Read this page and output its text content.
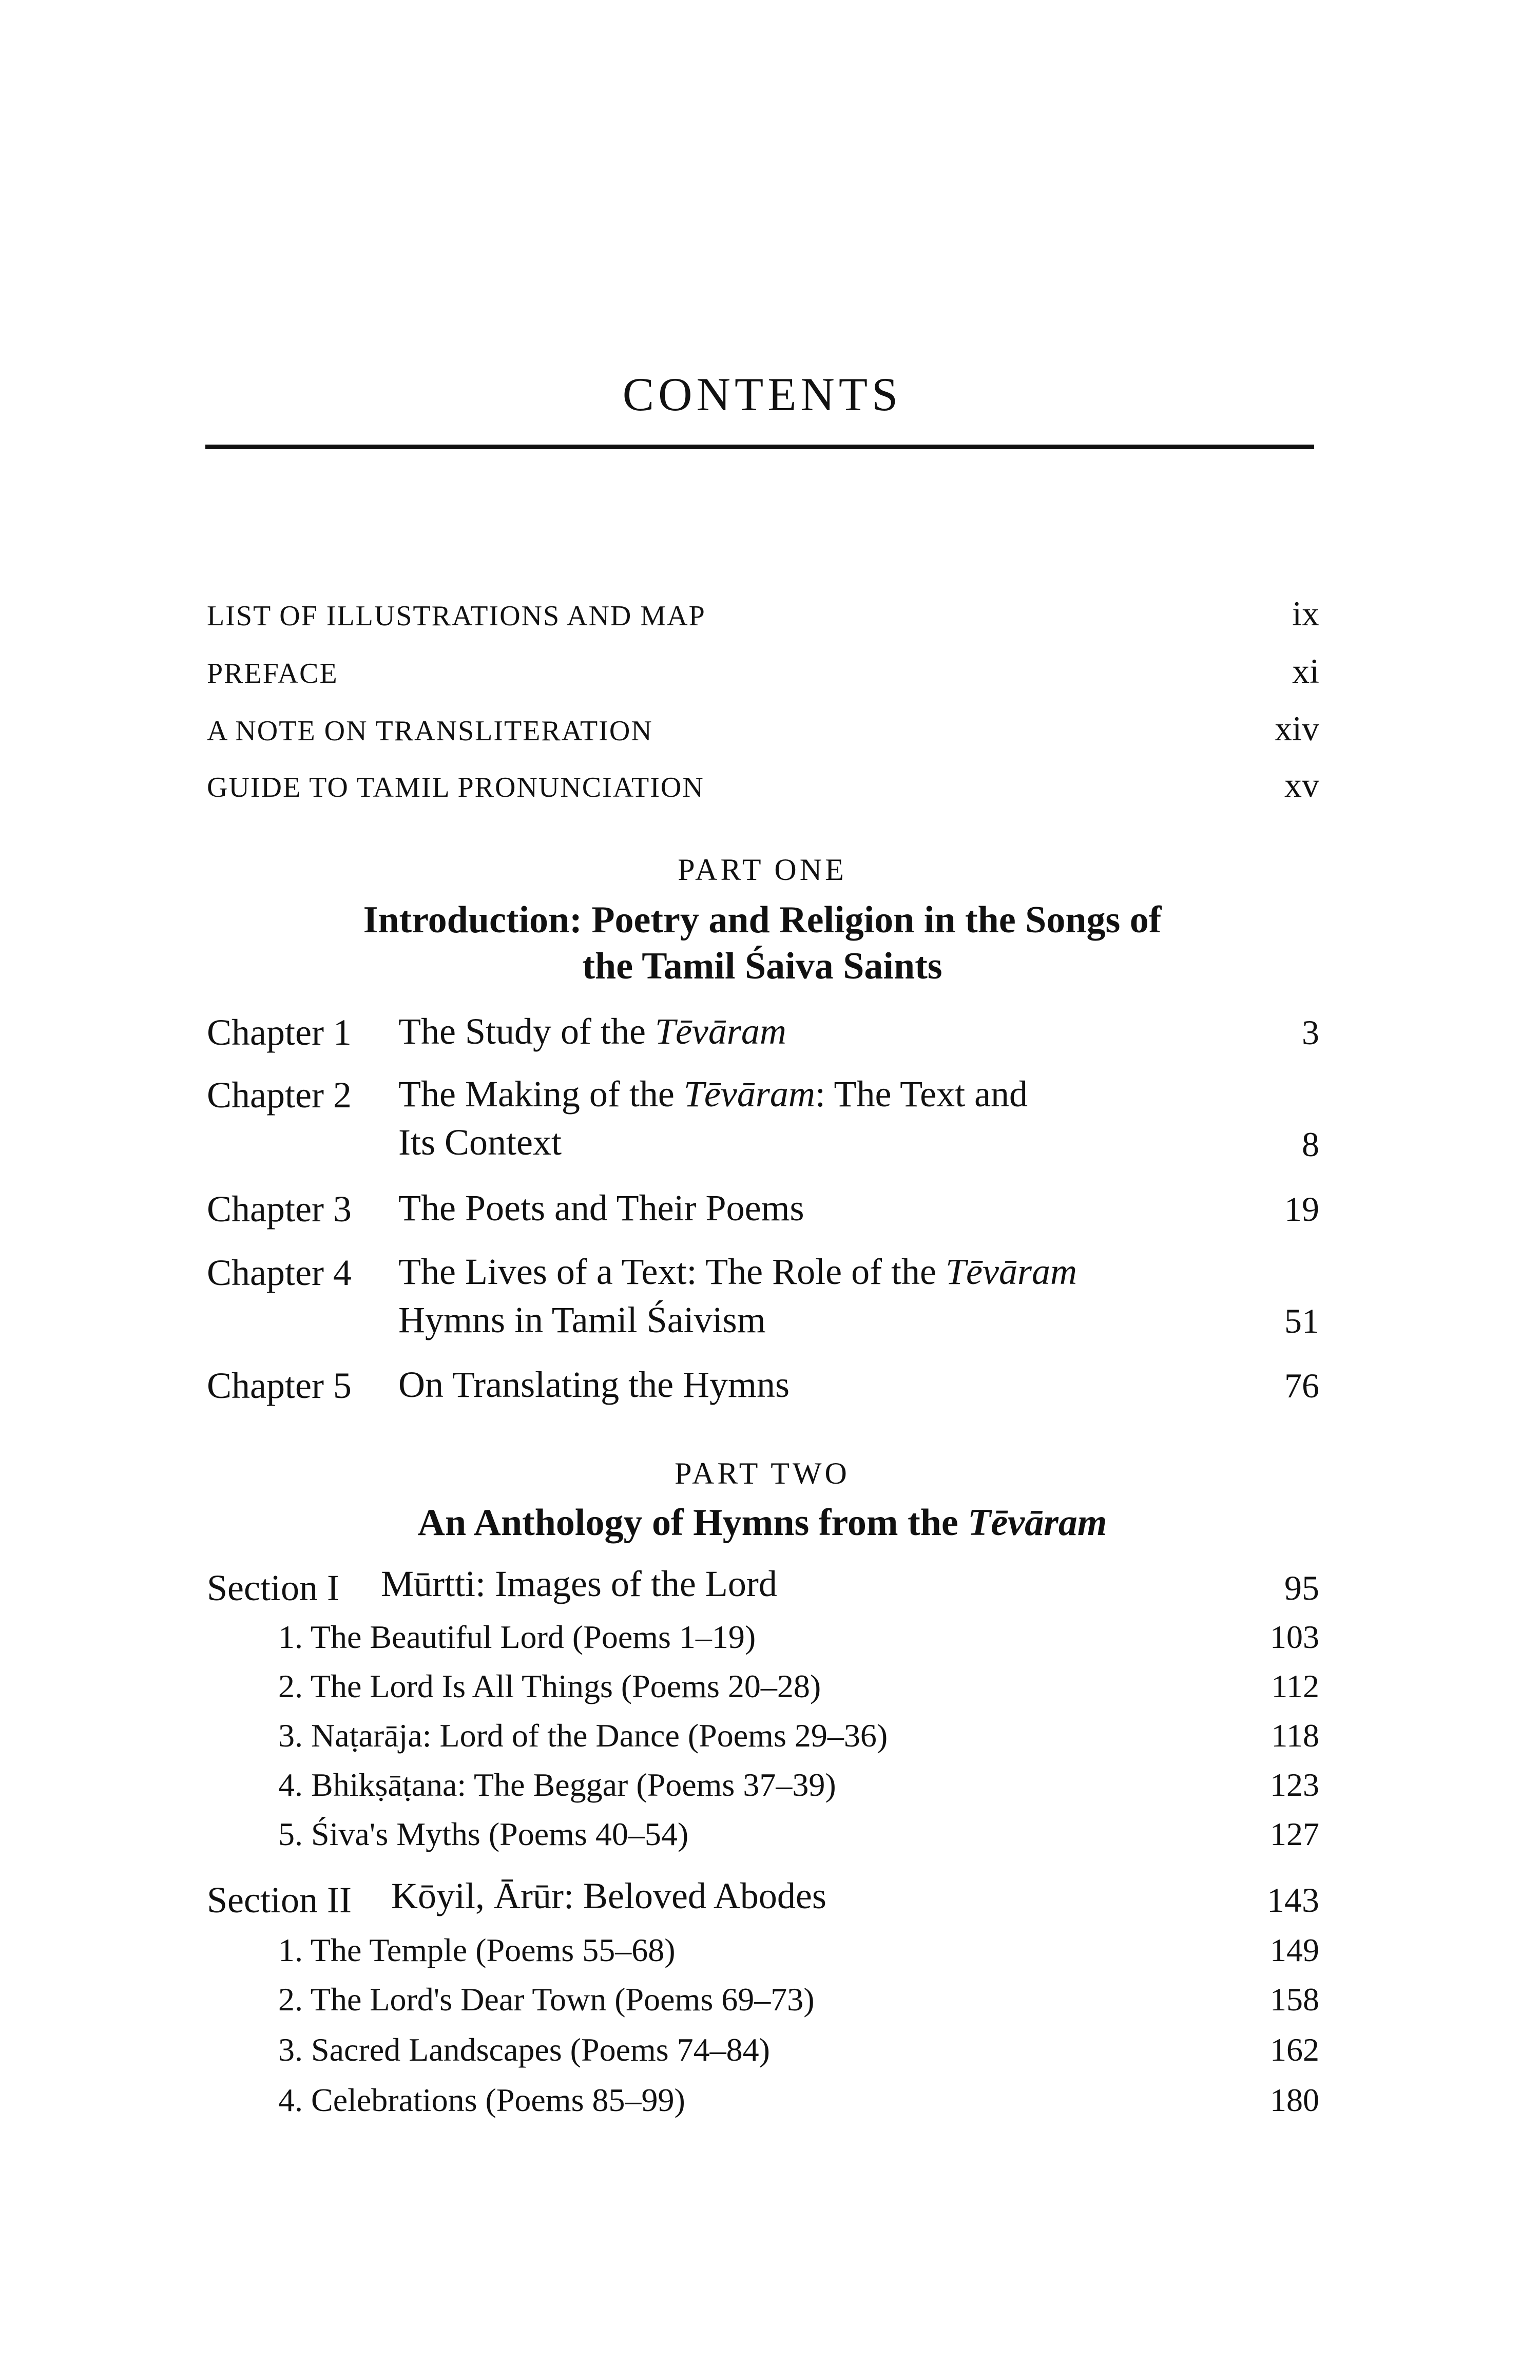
CONTENTS
LIST OF ILLUSTRATIONS AND MAP	ix
PREFACE	xi
A NOTE ON TRANSLITERATION	xiv
GUIDE TO TAMIL PRONUNCIATION	xv
PART ONE
Introduction: Poetry and Religion in the Songs of
the Tamil Śaiva Saints
Chapter 1 The Study of the Tēvāram	3
Chapter 2 The Making of the Tēvāram: The Text and
Its Context	8
Chapter 3 The Poets and Their Poems	19
Chapter 4 The Lives of a Text: The Role of the Tēvāram
Hymns in Tamil Śaivism	51
Chapter 5 On Translating the Hymns	76
PART TWO
An Anthology of Hymns from the Tēvāram
Section I Mūrtti: Images of the Lord	95
1. The Beautiful Lord (Poems 1–19)	103
2. The Lord Is All Things (Poems 20–28)	112
3. Naṭarāja: Lord of the Dance (Poems 29–36)	118
4. Bhikṣāṭana: The Beggar (Poems 37–39)	123
5. Śiva's Myths (Poems 40–54)	127
Section II Kōyil, Ārūr: Beloved Abodes	143
1. The Temple (Poems 55–68)	149
2. The Lord's Dear Town (Poems 69–73)	158
3. Sacred Landscapes (Poems 74–84)	162
4. Celebrations (Poems 85–99)	180
